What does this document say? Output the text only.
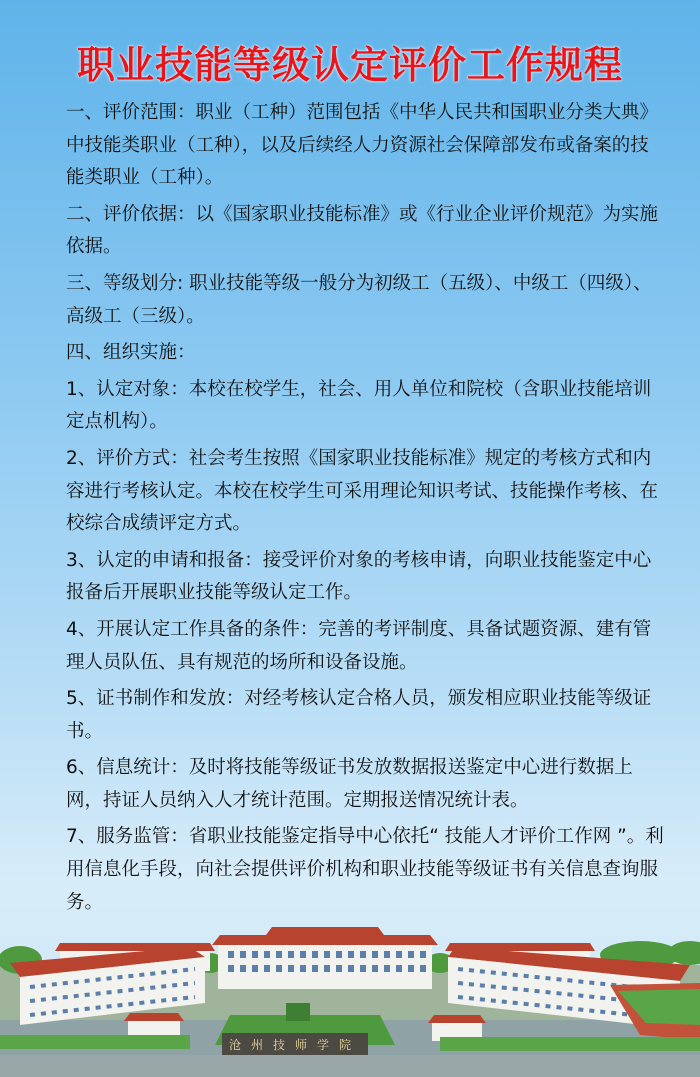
职业技能等级认定评价工作规程

一、评价范围：职业（工种）范围包括《中华人民共和国职业分类大典》中技能类职业（工种），以及后续经人力资源社会保障部发布或备案的技能类职业（工种）。

二、评价依据：以《国家职业技能标准》或《行业企业评价规范》为实施依据。

三、等级划分: 职业技能等级一般分为初级工（五级）、中级工（四级）、高级工（三级）。

四、组织实施：

1、认定对象：本校在校学生，社会、用人单位和院校（含职业技能培训定点机构）。

2、评价方式：社会考生按照《国家职业技能标准》规定的考核方式和内容进行考核认定。本校在校学生可采用理论知识考试、技能操作考核、在校综合成绩评定方式。

3、认定的申请和报备：接受评价对象的考核申请，向职业技能鉴定中心报备后开展职业技能等级认定工作。

4、开展认定工作具备的条件：完善的考评制度、具备试题资源、建有管理人员队伍、具有规范的场所和设备设施。

5、证书制作和发放：对经考核认定合格人员，颁发相应职业技能等级证书。

6、信息统计：及时将技能等级证书发放数据报送鉴定中心进行数据上网，持证人员纳入人才统计范围。定期报送情况统计表。

7、服务监管：省职业技能鉴定指导中心依托“ 技能人才评价工作网 ”。利用信息化手段，向社会提供评价机构和职业技能等级证书有关信息查询服务。

沧州技师学院
